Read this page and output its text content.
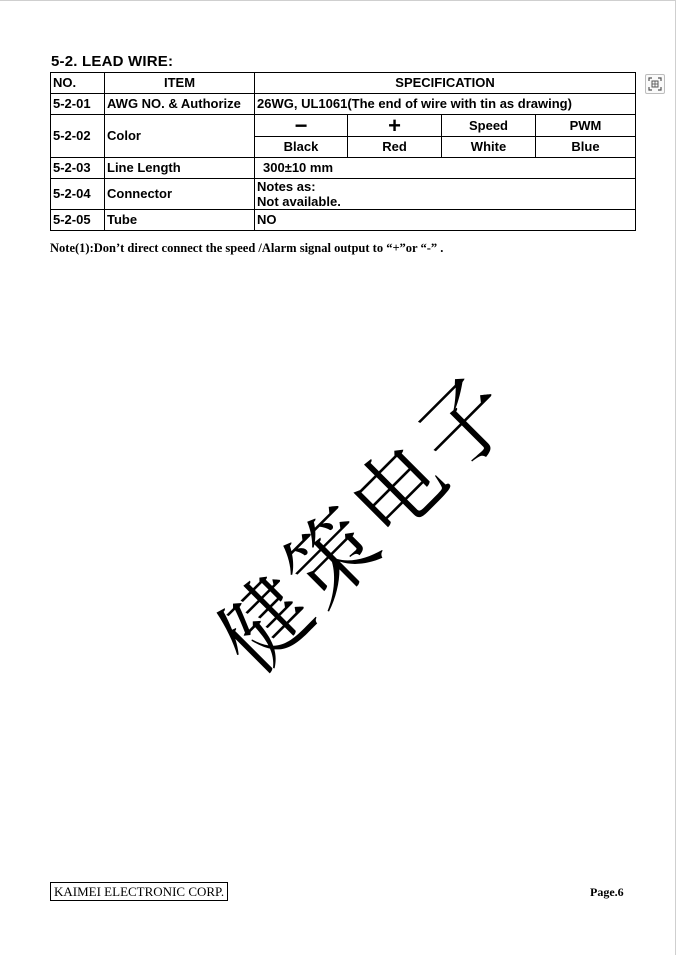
5-2. LEAD WIRE:
NO.	ITEM	SPECIFICATION			
5-2-01	AWG NO. & Authorize	26WG, UL1061(The end of wire with tin as drawing)			
5-2-02	Color	−	+	Speed	PWM
		Black	Red	White	Blue
5-2-03	Line Length	300±10 mm			
5-2-04	Connector	Notes as:
Not available.			

5-2-05	Tube	NO			
Note(1):Don’t direct connect the speed /Alarm signal output to “+”or “-” .
健策电子
KAIMEI ELECTRONIC CORP.	Page.6
